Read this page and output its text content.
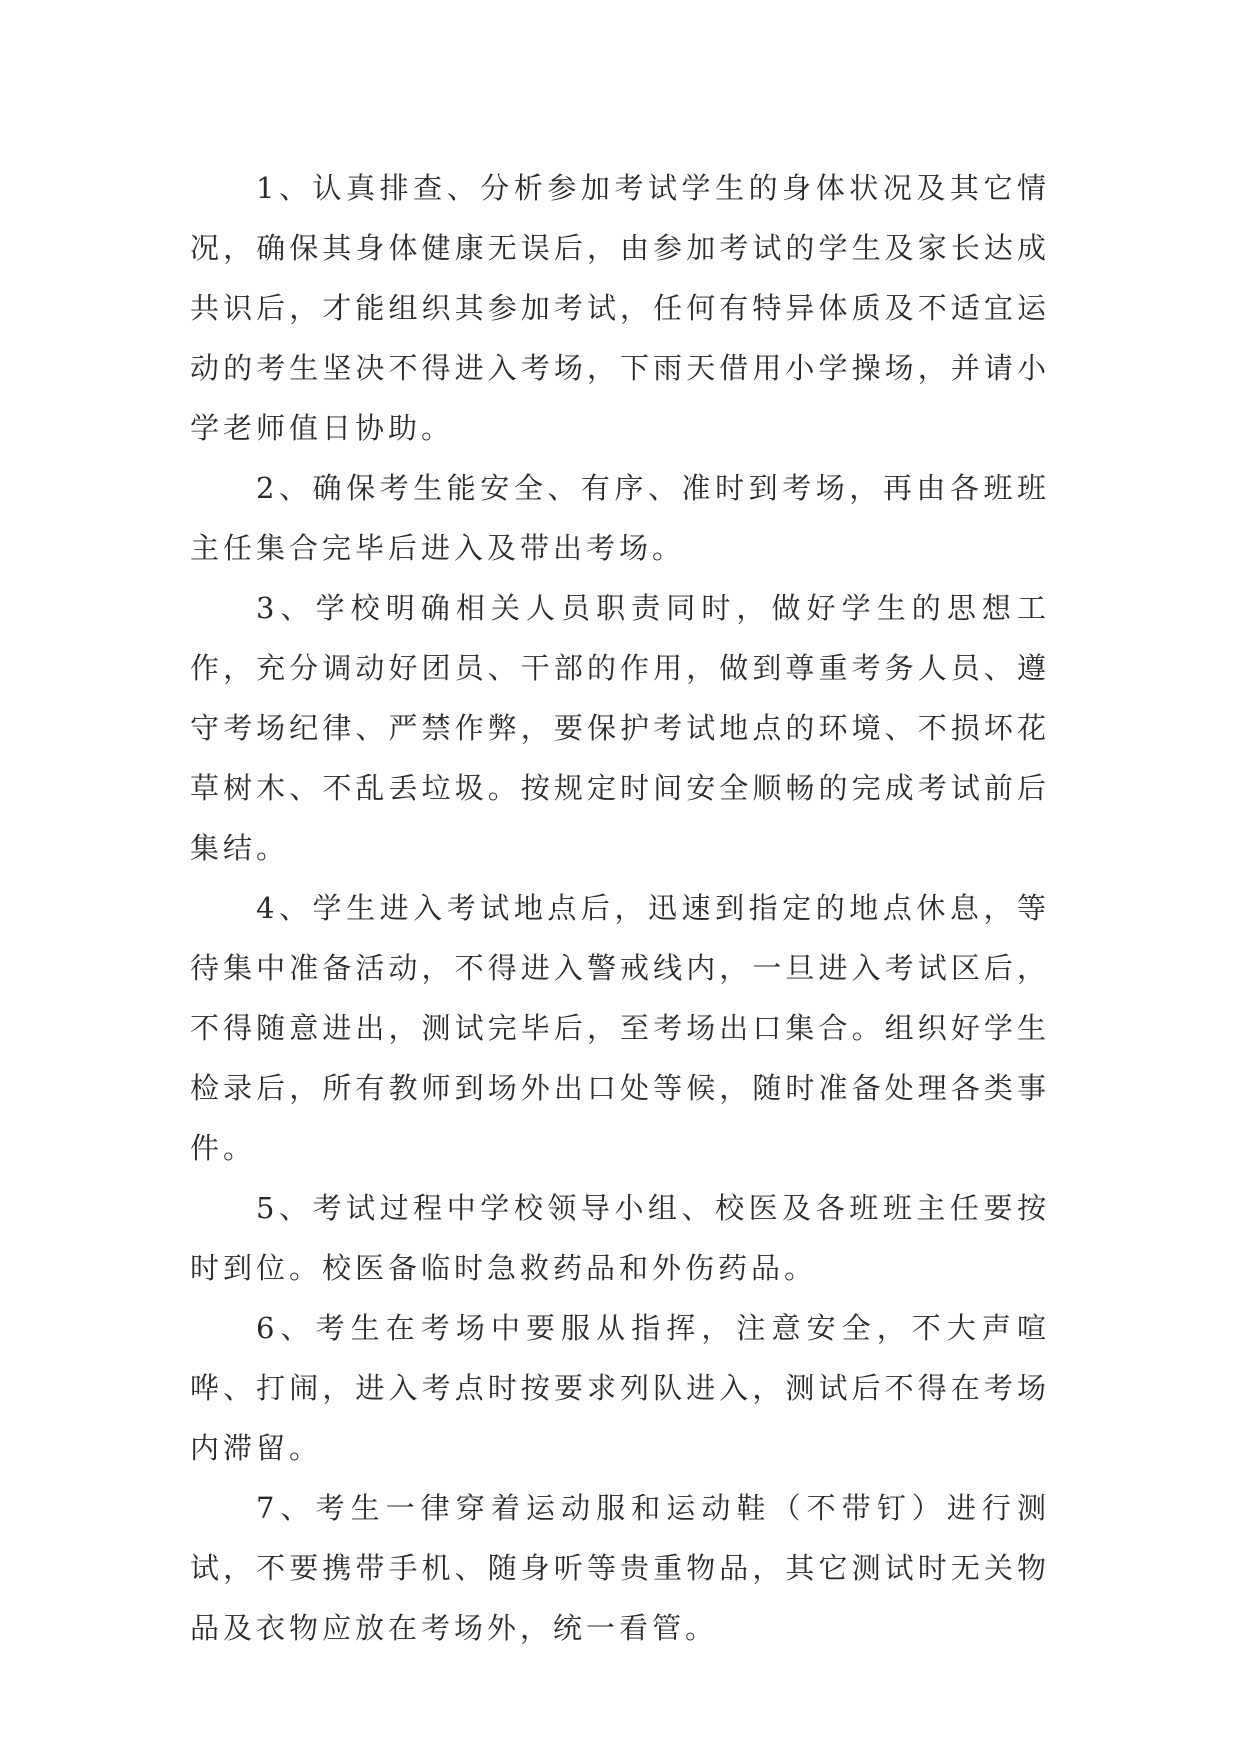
1、认真排查、分析参加考试学生的身体状况及其它情况，确保其身体健康无误后，由参加考试的学生及家长达成共识后，才能组织其参加考试，任何有特异体质及不适宜运动的考生坚决不得进入考场，下雨天借用小学操场，并请小学老师值日协助。

2、确保考生能安全、有序、准时到考场，再由各班班主任集合完毕后进入及带出考场。

3、学校明确相关人员职责同时，做好学生的思想工作，充分调动好团员、干部的作用，做到尊重考务人员、遵守考场纪律、严禁作弊，要保护考试地点的环境、不损坏花草树木、不乱丢垃圾。按规定时间安全顺畅的完成考试前后集结。

4、学生进入考试地点后，迅速到指定的地点休息，等待集中准备活动，不得进入警戒线内，一旦进入考试区后，不得随意进出，测试完毕后，至考场出口集合。组织好学生检录后，所有教师到场外出口处等候，随时准备处理各类事件。

5、考试过程中学校领导小组、校医及各班班主任要按时到位。校医备临时急救药品和外伤药品。

6、考生在考场中要服从指挥，注意安全，不大声喧哗、打闹，进入考点时按要求列队进入，测试后不得在考场内滞留。

7、考生一律穿着运动服和运动鞋（不带钉）进行测试，不要携带手机、随身听等贵重物品，其它测试时无关物品及衣物应放在考场外，统一看管。
